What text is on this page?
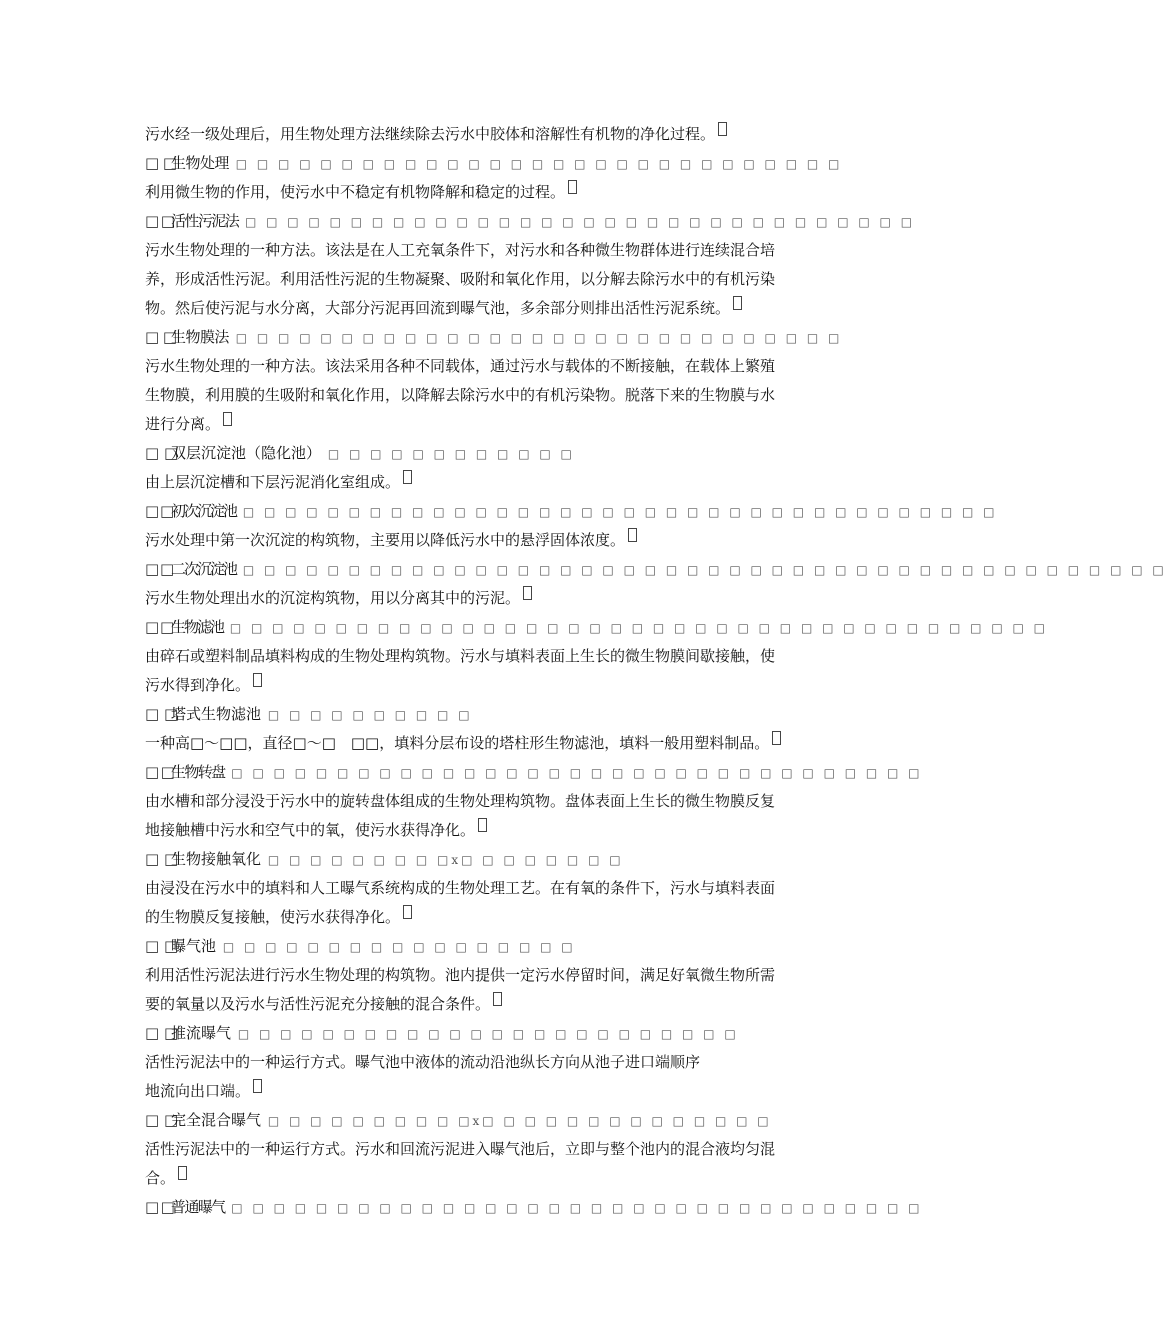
污水经一级处理后，用生物处理方法继续除去污水中胶体和溶解性有机物的净化过程。
□ □生物处理 □ □ □ □ □ □ □ □ □ □ □ □ □ □ □ □ □ □ □ □ □ □ □ □ □ □ □ □ □
利用微生物的作用，使污水中不稳定有机物降解和稳定的过程。
□ □活性污泥法 □ □ □ □ □ □ □ □ □ □ □ □ □ □ □ □ □ □ □ □ □ □ □ □ □ □ □ □ □ □ □ □
污水生物处理的一种方法。该法是在人工充氧条件下，对污水和各种微生物群体进行连续混合培
养，形成活性污泥。利用活性污泥的生物凝聚、吸附和氧化作用，以分解去除污水中的有机污染
物。然后使污泥与水分离，大部分污泥再回流到曝气池，多余部分则排出活性污泥系统。
□ □生物膜法 □ □ □ □ □ □ □ □ □ □ □ □ □ □ □ □ □ □ □ □ □ □ □ □ □ □ □ □ □
污水生物处理的一种方法。该法采用各种不同载体，通过污水与载体的不断接触，在载体上繁殖
生物膜，利用膜的生吸附和氧化作用，以降解去除污水中的有机污染物。脱落下来的生物膜与水
进行分离。
□ □双层沉淀池（隐化池） □ □ □ □ □ □ □ □ □ □ □ □
由上层沉淀槽和下层污泥消化室组成。
□ □初次沉淀池 □ □ □ □ □ □ □ □ □ □ □ □ □ □ □ □ □ □ □ □ □ □ □ □ □ □ □ □ □ □ □ □ □ □ □ □
污水处理中第一次沉淀的构筑物，主要用以降低污水中的悬浮固体浓度。
□ □二次沉淀池 □ □ □ □ □ □ □ □ □ □ □ □ □ □ □ □ □ □ □ □ □ □ □ □ □ □ □ □ □ □ □ □ □ □ □ □ □ □ □ □ □ □ □ □
污水生物处理出水的沉淀构筑物，用以分离其中的污泥。
□ □生物滤池 □ □ □ □ □ □ □ □ □ □ □ □ □ □ □ □ □ □ □ □ □ □ □ □ □ □ □ □ □ □ □ □ □ □ □ □ □ □ □
由碎石或塑料制品填料构成的生物处理构筑物。污水与填料表面上生长的微生物膜间歇接触，使
污水得到净化。
□ □塔式生物滤池 □ □ □ □ □ □ □ □ □ □
一种高□～□□，直径□～□　□□，填料分层布设的塔柱形生物滤池，填料一般用塑料制品。
□ □生物转盘 □ □ □ □ □ □ □ □ □ □ □ □ □ □ □ □ □ □ □ □ □ □ □ □ □ □ □ □ □ □ □ □ □
由水槽和部分浸没于污水中的旋转盘体组成的生物处理构筑物。盘体表面上生长的微生物膜反复
地接触槽中污水和空气中的氧，使污水获得净化。
□ □生物接触氧化 □ □ □ □ □ □ □ □ □x□ □ □ □ □ □ □ □
由浸没在污水中的填料和人工曝气系统构成的生物处理工艺。在有氧的条件下，污水与填料表面
的生物膜反复接触，使污水获得净化。
□ □曝气池 □ □ □ □ □ □ □ □ □ □ □ □ □ □ □ □ □
利用活性污泥法进行污水生物处理的构筑物。池内提供一定污水停留时间，满足好氧微生物所需
要的氧量以及污水与活性污泥充分接触的混合条件。
□ □推流曝气 □ □ □ □ □ □ □ □ □ □ □ □ □ □ □ □ □ □ □ □ □ □ □ □
活性污泥法中的一种运行方式。曝气池中液体的流动沿池纵长方向从池子进口端顺序
地流向出口端。
□ □完全混合曝气 □ □ □ □ □ □ □ □ □ □x□ □ □ □ □ □ □ □ □ □ □ □ □ □
活性污泥法中的一种运行方式。污水和回流污泥进入曝气池后，立即与整个池内的混合液均匀混
合。
□ □普通曝气 □ □ □ □ □ □ □ □ □ □ □ □ □ □ □ □ □ □ □ □ □ □ □ □ □ □ □ □ □ □ □ □ □
